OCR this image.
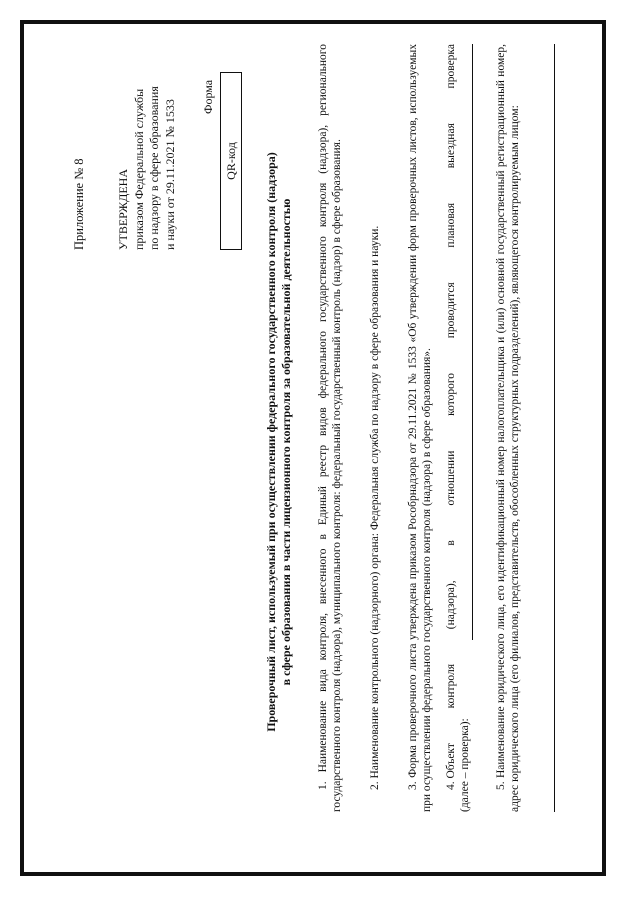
Приложение № 8	УТВЕРЖДЕНА приказом Федеральной службы по надзору в сфере образования и науки от 29.11.2021 № 1533
Форма
QR-код	Проверочный лист, используемый при осуществлении федерального государственного контроля (надзора) в сфере образования в части лицензионного контроля за образовательной деятельностью 1. Наименование вида контроля, внесенного в Единый реестр видов федерального государственного контроля (надзора), регионального государственного контроля (надзора), муниципального контроля: федеральный государственный контроль (надзор) в сфере образования. 2. Наименование контрольного (надзорного) органа: Федеральная служба по надзору в сфере образования и науки. 3. Форма проверочного листа утверждена приказом Рособрнадзора от 29.11.2021 № 1533 «Об утверждении форм проверочных листов, используемых при осуществлении федерального государственного контроля (надзора) в сфере образования». 4. Объект
контроля
(надзора),
в
отношении
которого
проводится
плановая
выездная
проверка
(далее – проверка): 5. Наименование юридического лица, его идентификационный номер налогоплательщика и (или) основной государственный регистрационный номер, адрес юридического лица (его филиалов, представительств, обособленных структурных подразделений), являющегося контролируемым лицом:
